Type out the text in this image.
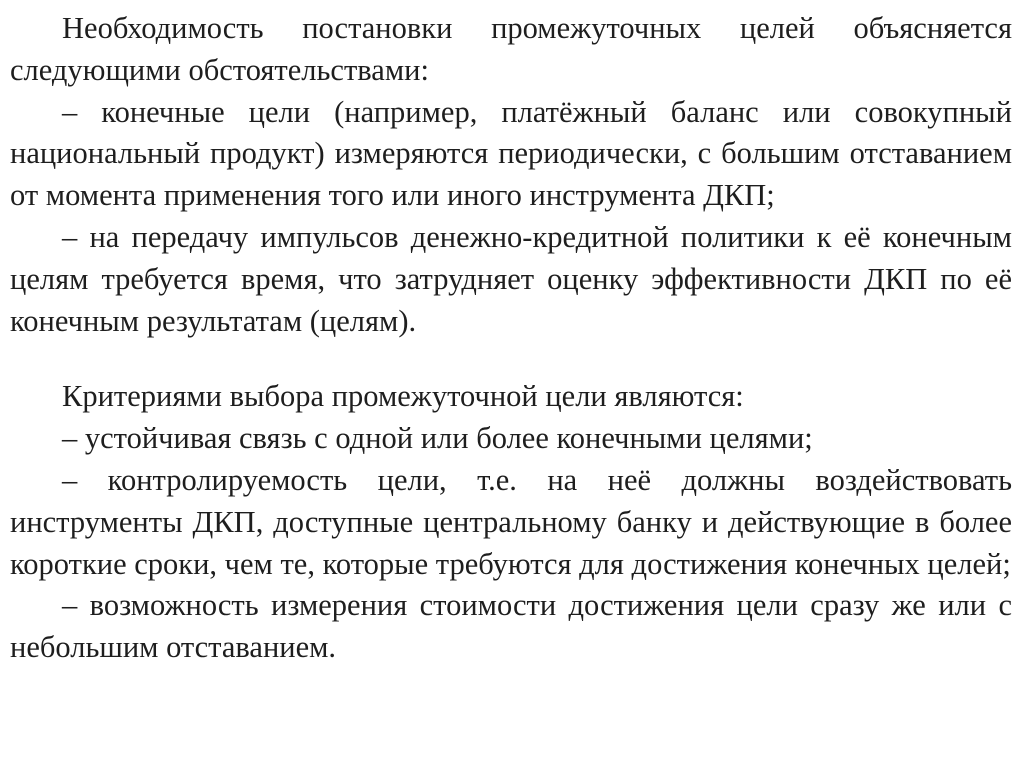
Необходимость постановки промежуточных целей объясняется следующими обстоятельствами:

– конечные цели (например, платёжный баланс или совокупный национальный продукт) измеряются периодически, с большим отставанием от момента применения того или иного инструмента ДКП;

– на передачу импульсов денежно-кредитной политики к её конечным целям требуется время, что затрудняет оценку эффективности ДКП по её конечным результатам (целям).

Критериями выбора промежуточной цели являются:

– устойчивая связь с одной или более конечными целями;

– контролируемость цели, т.е. на неё должны воздействовать инструменты ДКП, доступные центральному банку и действующие в более короткие сроки, чем те, которые требуются для достижения конечных целей;

– возможность измерения стоимости достижения цели сразу же или с небольшим отставанием.
